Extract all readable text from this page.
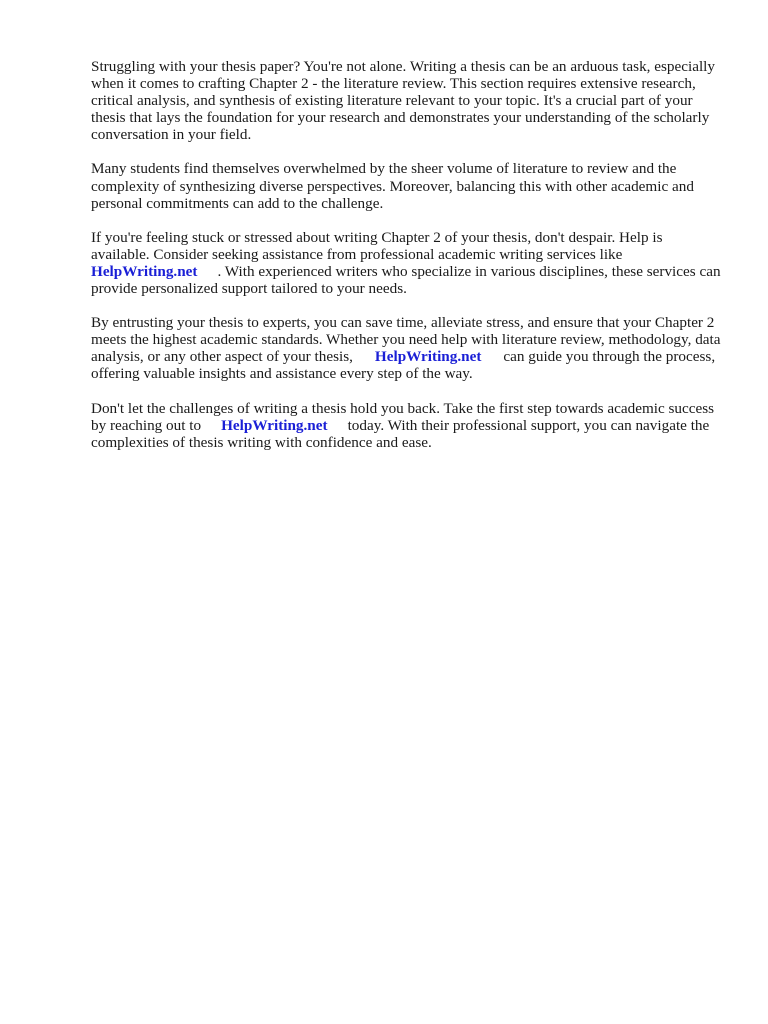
Struggling with your thesis paper? You're not alone. Writing a thesis can be an arduous task, especially when it comes to crafting Chapter 2 - the literature review. This section requires extensive research, critical analysis, and synthesis of existing literature relevant to your topic. It's a crucial part of your thesis that lays the foundation for your research and demonstrates your understanding of the scholarly conversation in your field.

Many students find themselves overwhelmed by the sheer volume of literature to review and the complexity of synthesizing diverse perspectives. Moreover, balancing this with other academic and personal commitments can add to the challenge.

If you're feeling stuck or stressed about writing Chapter 2 of your thesis, don't despair. Help is available. Consider seeking assistance from professional academic writing services like
HelpWriting.net . With experienced writers who specialize in various disciplines, these services can provide personalized support tailored to your needs.

By entrusting your thesis to experts, you can save time, alleviate stress, and ensure that your Chapter 2 meets the highest academic standards. Whether you need help with literature review, methodology, data analysis, or any other aspect of your thesis, HelpWriting.net can guide you through the process, offering valuable insights and assistance every step of the way.

Don't let the challenges of writing a thesis hold you back. Take the first step towards academic success by reaching out to HelpWriting.net today. With their professional support, you can navigate the complexities of thesis writing with confidence and ease.
